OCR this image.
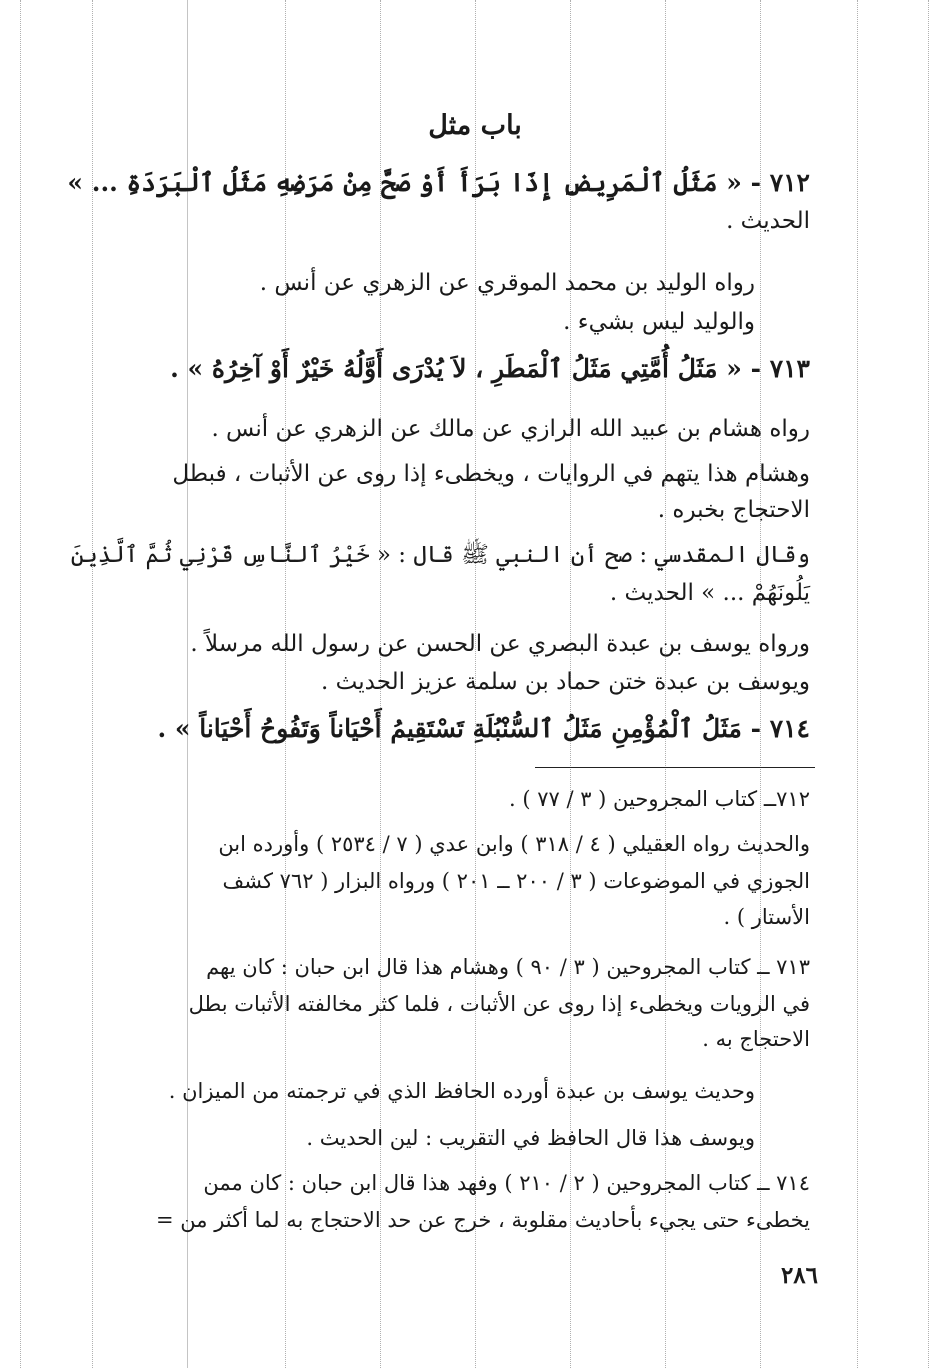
باب مثل
٧١٢ - « مَثَلُ ٱلْمَرِيضِ إِذَا بَرَأَ أَوْ صَحَّ مِنْ مَرَضِهِ مَثَلُ ٱلْبَرَدَةِ ... »
الحديث .
رواه الوليد بن محمد الموقري عن الزهري عن أنس .
والوليد ليس بشيء .
٧١٣ - « مَثَلُ أُمَّتِي مَثَلُ ٱلْمَطَرِ ، لاَ يُدْرَى أَوَّلُهُ خَيْرٌ أَوْ آخِرُهُ » .
رواه هشام بن عبيد الله الرازي عن مالك عن الزهري عن أنس .
وهشام هذا يتهم في الروايات ، ويخطىء إذا روى عن الأثبات ، فبطل
الاحتجاج بخبره .
وقال المقدسي : صح أن النبي ﷺ قال : « خَيْرُ ٱلنَّاسِ قَرْنِي ثُمَّ ٱلَّذِينَ
يَلُونَهُمْ ... » الحديث .
ورواه يوسف بن عبدة البصري عن الحسن عن رسول الله مرسلاً .
ويوسف بن عبدة ختن حماد بن سلمة عزيز الحديث .
٧١٤ - مَثَلُ ٱلْمُؤْمِنِ مَثَلُ ٱلسُّنْبُلَةِ تَسْتَقِيمُ أَحْيَاناً وَتَفُوحُ أَحْيَاناً » .
٧١٢ــ كتاب المجروحين ( ٣ / ٧٧ ) .
والحديث رواه العقيلي ( ٤ / ٣١٨ ) وابن عدي ( ٧ / ٢٥٣٤ ) وأورده ابن
الجوزي في الموضوعات ( ٣ / ٢٠٠ ــ ٢٠١ ) ورواه البزار ( ٧٦٢ كشف
الأستار ) .
٧١٣ ــ كتاب المجروحين ( ٣ / ٩٠ ) وهشام هذا قال ابن حبان : كان يهم
في الرويات ويخطىء إذا روى عن الأثبات ، فلما كثر مخالفته الأثبات بطل
الاحتجاج به .
وحديث يوسف بن عبدة أورده الحافظ الذي في ترجمته من الميزان .
ويوسف هذا قال الحافظ في التقريب : لين الحديث .
٧١٤ ــ كتاب المجروحين ( ٢ / ٢١٠ ) وفهد هذا قال ابن حبان : كان ممن
يخطىء حتى يجيء بأحاديث مقلوبة ، خرج عن حد الاحتجاج به لما أكثر من =
٢٨٦
